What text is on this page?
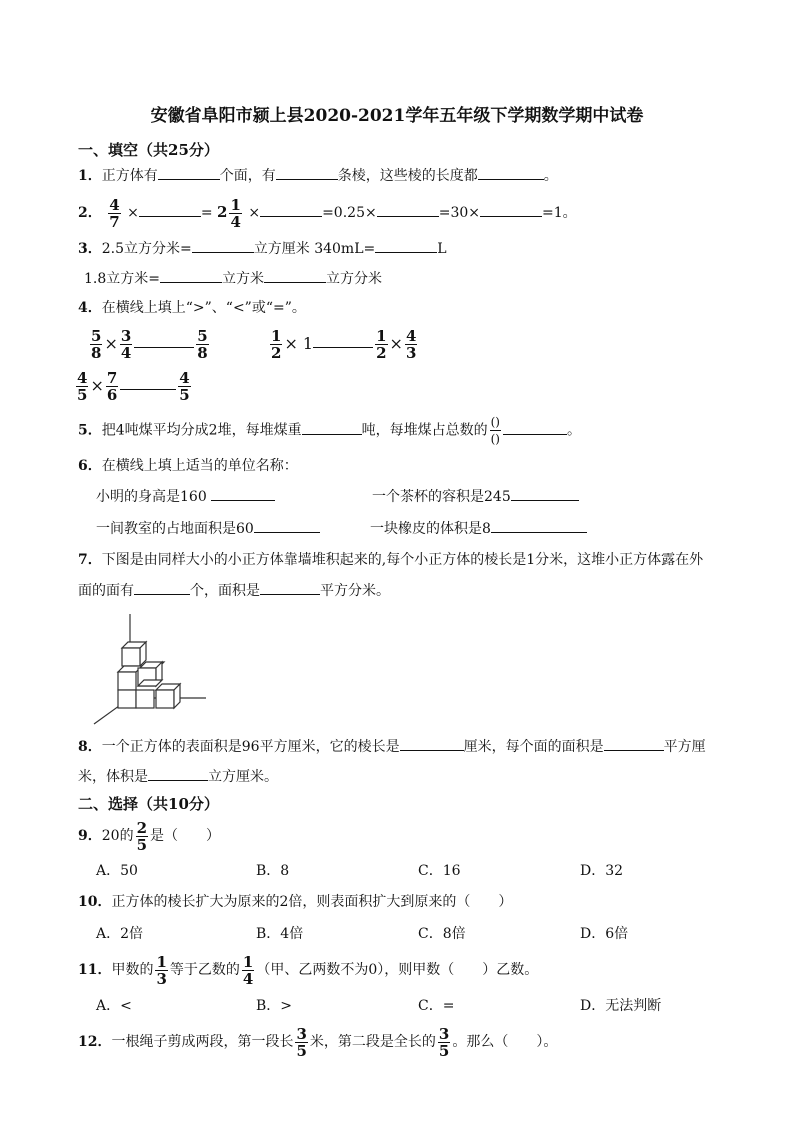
安徽省阜阳市颍上县2020-2021学年五年级下学期数学期中试卷
一、填空（共25分）
1．正方体有	个面，有	条棱，这些棱的长度都	。
2． $\frac{4}{7}$ ×	= $2 \frac{1}{4}$ ×	=0.25×	=30×	=1。
3．2.5立方分米=	立方厘米 340mL=	L
1.8立方米=	立方米	立方分米
4．在横线上填上“>”、“<”或“=”。
$\frac{5}{8} \times \frac{3}{4}$	$\frac{5}{8}$	$\frac{1}{2} \times 1$	$\frac{1}{2} \times \frac{4}{3}$
$\frac{4}{5} \times \frac{7}{6}$	$\frac{4}{5}$
5．把4吨煤平均分成2堆，每堆煤重	吨，每堆煤占总数的 $\frac{()}{()}$	。
6．在横线上填上适当的单位名称：
小明的身高是160	一个茶杯的容积是245
一间教室的占地面积是60	一块橡皮的体积是8
7．下图是由同样大小的小正方体靠墙堆积起来的,每个小正方体的棱长是1分米，这堆小正方体露在外
面的面有	个，面积是	平方分米。
8．一个正方体的表面积是96平方厘米，它的棱长是	厘米，每个面的面积是	平方厘
米，体积是	立方厘米。
二、选择（共10分）
9．20的 $\frac{2}{5}$ 是（　　）
A．50	B．8	C．16	D．32
10．正方体的棱长扩大为原来的2倍，则表面积扩大到原来的（　　）
A．2倍	B．4倍	C．8倍	D．6倍
11．甲数的 $\frac{1}{3}$ 等于乙数的 $\frac{1}{4}$ （甲、乙两数不为0），则甲数（　　）乙数。
A．<	B．>	C．=	D．无法判断
12．一根绳子剪成两段，第一段长 $\frac{3}{5}$ 米，第二段是全长的 $\frac{3}{5}$ 。那么（　　）。
